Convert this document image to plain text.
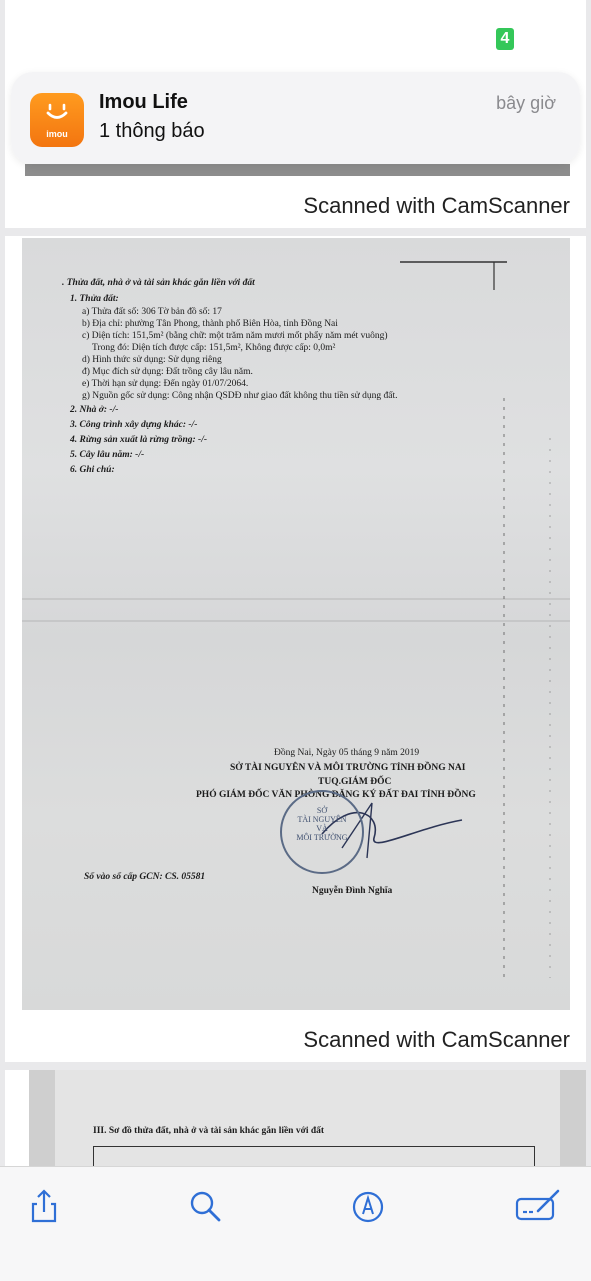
Scanned with CamScanner
. Thửa đất, nhà ở và tài sản khác gắn liền với đất
1. Thửa đất:
a) Thửa đất số: 306 Tờ bản đồ số: 17
b) Địa chỉ: phường Tân Phong, thành phố Biên Hòa, tỉnh Đồng Nai
c) Diện tích: 151,5m² (bằng chữ: một trăm năm mươi mốt phẩy năm mét vuông)
Trong đó: Diện tích được cấp: 151,5m², Không được cấp: 0,0m²
d) Hình thức sử dụng: Sử dụng riêng
đ) Mục đích sử dụng: Đất trồng cây lâu năm.
e) Thời hạn sử dụng: Đến ngày 01/07/2064.
g) Nguồn gốc sử dụng: Công nhận QSDĐ như giao đất không thu tiền sử dụng đất.
2. Nhà ở: -/-
3. Công trình xây dựng khác: -/-
4. Rừng sản xuất là rừng trồng: -/-
5. Cây lâu năm: -/-
6. Ghi chú:
Đồng Nai, Ngày 05 tháng 9 năm 2019
SỞ TÀI NGUYÊN VÀ MÔI TRƯỜNG TỈNH ĐỒNG NAI
TUQ.GIÁM ĐỐC
PHÓ GIÁM ĐỐC VĂN PHÒNG ĐĂNG KÝ ĐẤT ĐAI TỈNH ĐỒNG
SỞ
TÀI NGUYÊN
VÀ
MÔI TRƯỜNG
Số vào sổ cấp GCN: CS. 05581
Nguyễn Đình Nghĩa
Scanned with CamScanner
III. Sơ đồ thửa đất, nhà ở và tài sản khác gắn liền với đất
13:47	4
imou
Imou Life
1 thông báo
bây giờ
